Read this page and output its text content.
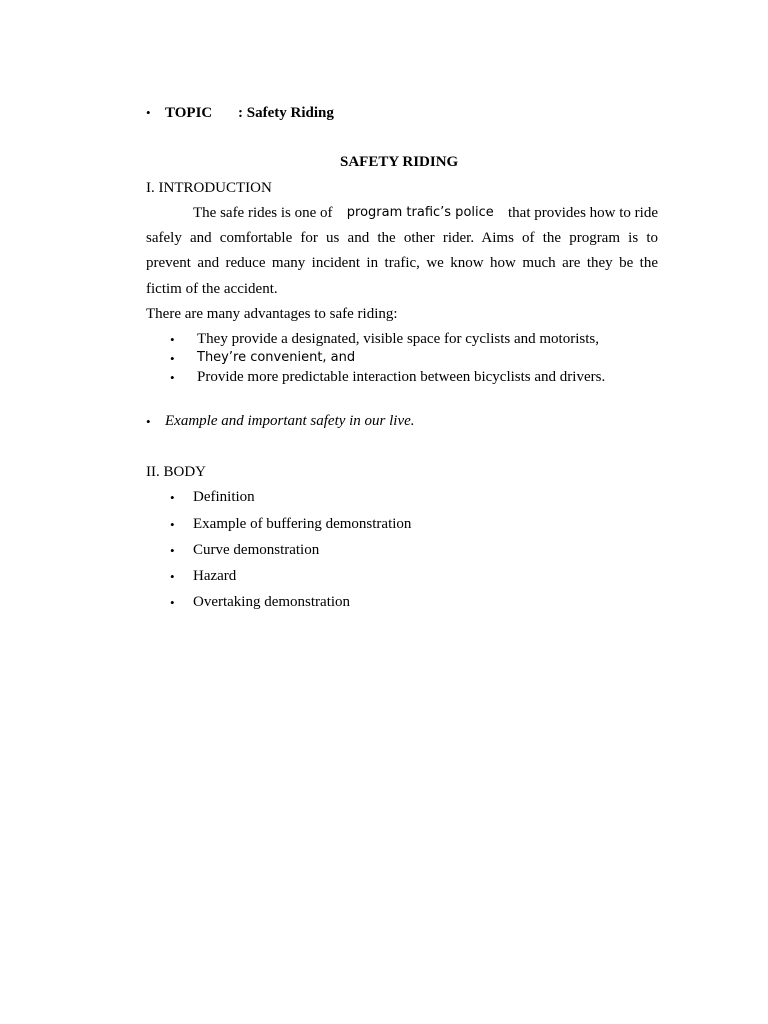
• TOPIC : Safety Riding
SAFETY RIDING
I. INTRODUCTION
The safe rides is one of program trafic’s police that provides how to ride
safely and comfortable for us and the other rider. Aims of the program is to
prevent and reduce many incident in trafic, we know how much are they be the
fictim of the accident.
There are many advantages to safe riding:
• They provide a designated, visible space for cyclists and motorists,
• They’re convenient, and
• Provide more predictable interaction between bicyclists and drivers.
• Example and important safety in our live.
II. BODY
• Definition
• Example of buffering demonstration
• Curve demonstration
• Hazard
• Overtaking demonstration
